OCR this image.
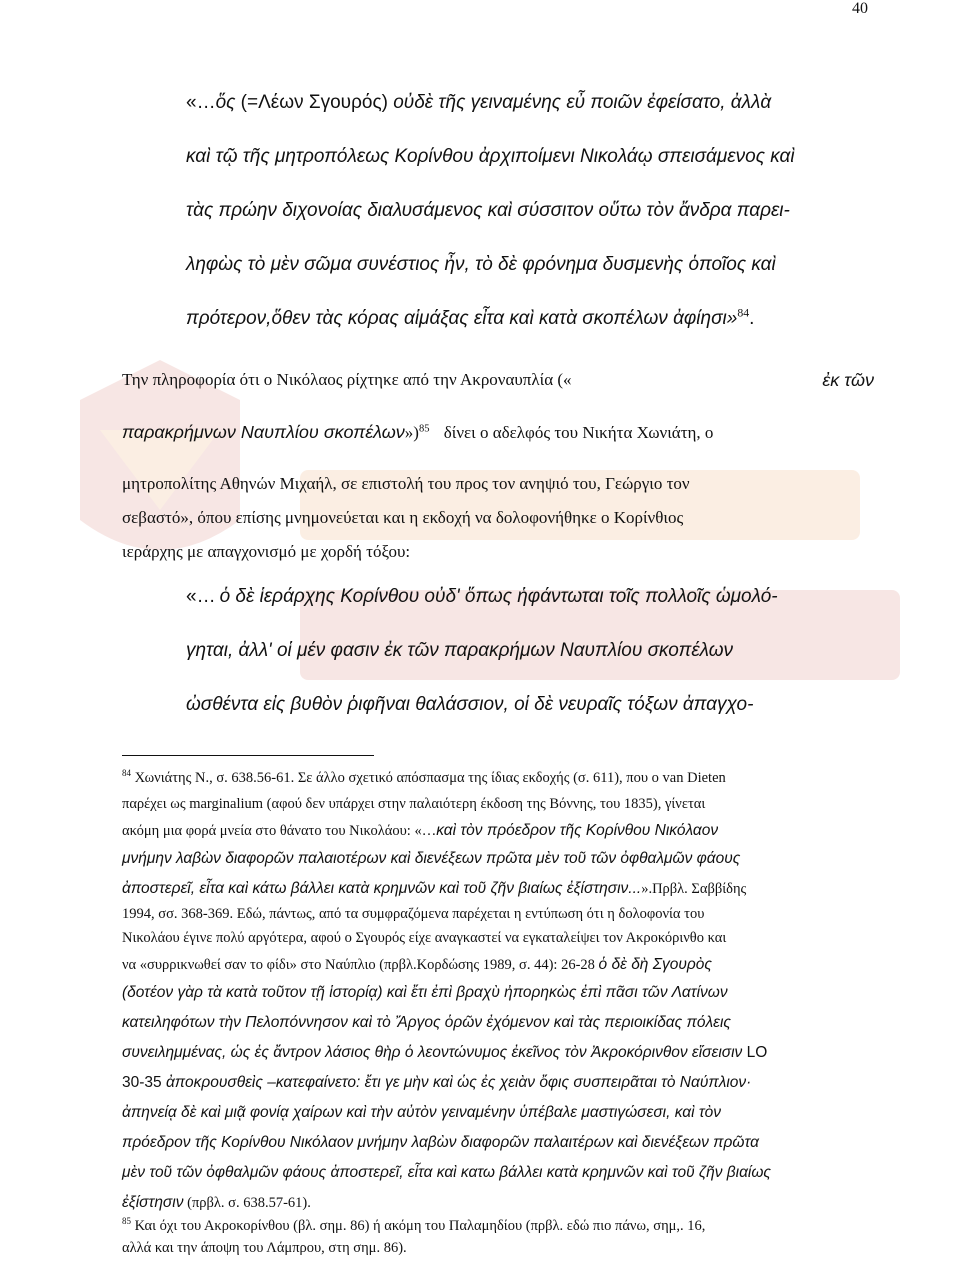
40
«…ὅς (=Λέων Σγουρός) οὐδὲ τῆς γειναμένης εὖ ποιῶν ἐφείσατο, ἀλλὰ
καὶ τῷ τῆς μητροπόλεως Κορίνθου ἀρχιποίμενι Νικολάῳ σπεισάμενος καὶ
τὰς πρώην διχονοίας διαλυσάμενος καὶ σύσσιτον οὕτω τὸν ἄνδρα παρει-
ληφὼς τὸ μὲν σῶμα συνέστιος ἦν, τὸ δὲ φρόνημα δυσμενὴς ὁποῖος καὶ
πρότερον,ὅθεν τὰς κόρας αἱμάξας εἶτα καὶ κατὰ σκοπέλων ἀφίησι»$^{84}$.
Την πληροφορία ότι ο Νικόλαος ρίχτηκε από την Ακροναυπλία («	ἐκ τῶν
παρακρήμνων Ναυπλίου σκοπέλων»)$^{85}$ δίνει ο αδελφός του Νικήτα Χωνιάτη, ο
μητροπολίτης Αθηνών Μιχαήλ, σε επιστολή του προς τον ανηψιό του, Γεώργιο τον
σεβαστό», όπου επίσης μνημονεύεται και η εκδοχή να δολοφονήθηκε ο Κορίνθιος
ιεράρχης με απαγχονισμό με χορδή τόξου:
«… ὁ δὲ ἱεράρχης Κορίνθου οὐδ' ὅπως ἡφάντωται τοῖς πολλοῖς ὡμολό-
γηται, ἀλλ' οἱ μέν φασιν ἐκ τῶν παρακρήμων Ναυπλίου σκοπέλων
ὠσθέντα εἰς βυθὸν ῥιφῆναι θαλάσσιον, οἱ δὲ νευραῖς τόξων ἀπαγχο-
$^{84}$ Χωνιάτης Ν., σ. 638.56-61. Σε άλλο σχετικό απόσπασμα της ίδιας εκδοχής (σ. 611), που ο van Dieten
παρέχει ως marginalium (αφού δεν υπάρχει στην παλαιότερη έκδοση της Βόννης, του 1835), γίνεται
ακόμη μια φορά μνεία στο θάνατο του Νικολάου: «…καὶ τὸν πρόεδρον τῆς Κορίνθου Νικόλαον
μνήμην λαβὼν διαφορῶν παλαιοτέρων καὶ διενέξεων πρῶτα μὲν τοῦ τῶν ὀφθαλμῶν φάους
ἀποστερεῖ, εἶτα καὶ κάτω βάλλει κατὰ κρημνῶν καὶ τοῦ ζῆν βιαίως ἐξίστησιν...».Πρβλ. Σαββίδης
1994, σσ. 368-369. Εδώ, πάντως, από τα συμφραζόμενα παρέχεται η εντύπωση ότι η δολοφονία του
Νικολάου έγινε πολύ αργότερα, αφού ο Σγουρός είχε αναγκαστεί να εγκαταλείψει τον Ακροκόρινθο και
να «συρρικνωθεί σαν το φίδι» στο Ναύπλιο (πρβλ.Κορδώσης 1989, σ. 44): 26-28 ὁ δὲ δὴ Σγουρὸς
(δοτέον γὰρ τὰ κατὰ τοῦτον τῇ ἱστορίᾳ) καὶ ἔτι ἐπὶ βραχὺ ἠπορηκὼς ἐπὶ πᾶσι τῶν Λατίνων
κατειληφότων τὴν Πελοπόννησον καὶ τὸ Ἄργος ὁρῶν ἐχόμενον καὶ τὰς περιοικίδας πόλεις
συνειλημμένας, ὡς ἐς ἄντρον λάσιος θὴρ ὁ λεοντώνυμος ἐκεῖνος τὸν Ἀκροκόρινθον εἴσεισιν LO
30-35 ἀποκρουσθεὶς –κατεφαίνετο: ἔτι γε μὴν καὶ ὡς ἐς χειὰν ὄφις συσπειρᾶται τὸ Ναύπλιον·
ἀπηνείᾳ δὲ καὶ μιᾷ φονίᾳ χαίρων καὶ τὴν αὐτὸν γειναμένην ὑπέβαλε μαστιγώσεσι, καὶ τὸν
πρόεδρον τῆς Κορίνθου Νικόλαον μνήμην λαβὼν διαφορῶν παλαιτέρων καὶ διενέξεων πρῶτα
μὲν τοῦ τῶν ὀφθαλμῶν φάους ἀποστερεῖ, εἶτα καὶ κατω βάλλει κατὰ κρημνῶν καὶ τοῦ ζῆν βιαίως
ἐξίστησιν (πρβλ. σ. 638.57-61).
$^{85}$ Και όχι του Ακροκορίνθου (βλ. σημ. 86) ή ακόμη του Παλαμηδίου (πρβλ. εδώ πιο πάνω, σημ,. 16,
αλλά και την άποψη του Λάμπρου, στη σημ. 86).
